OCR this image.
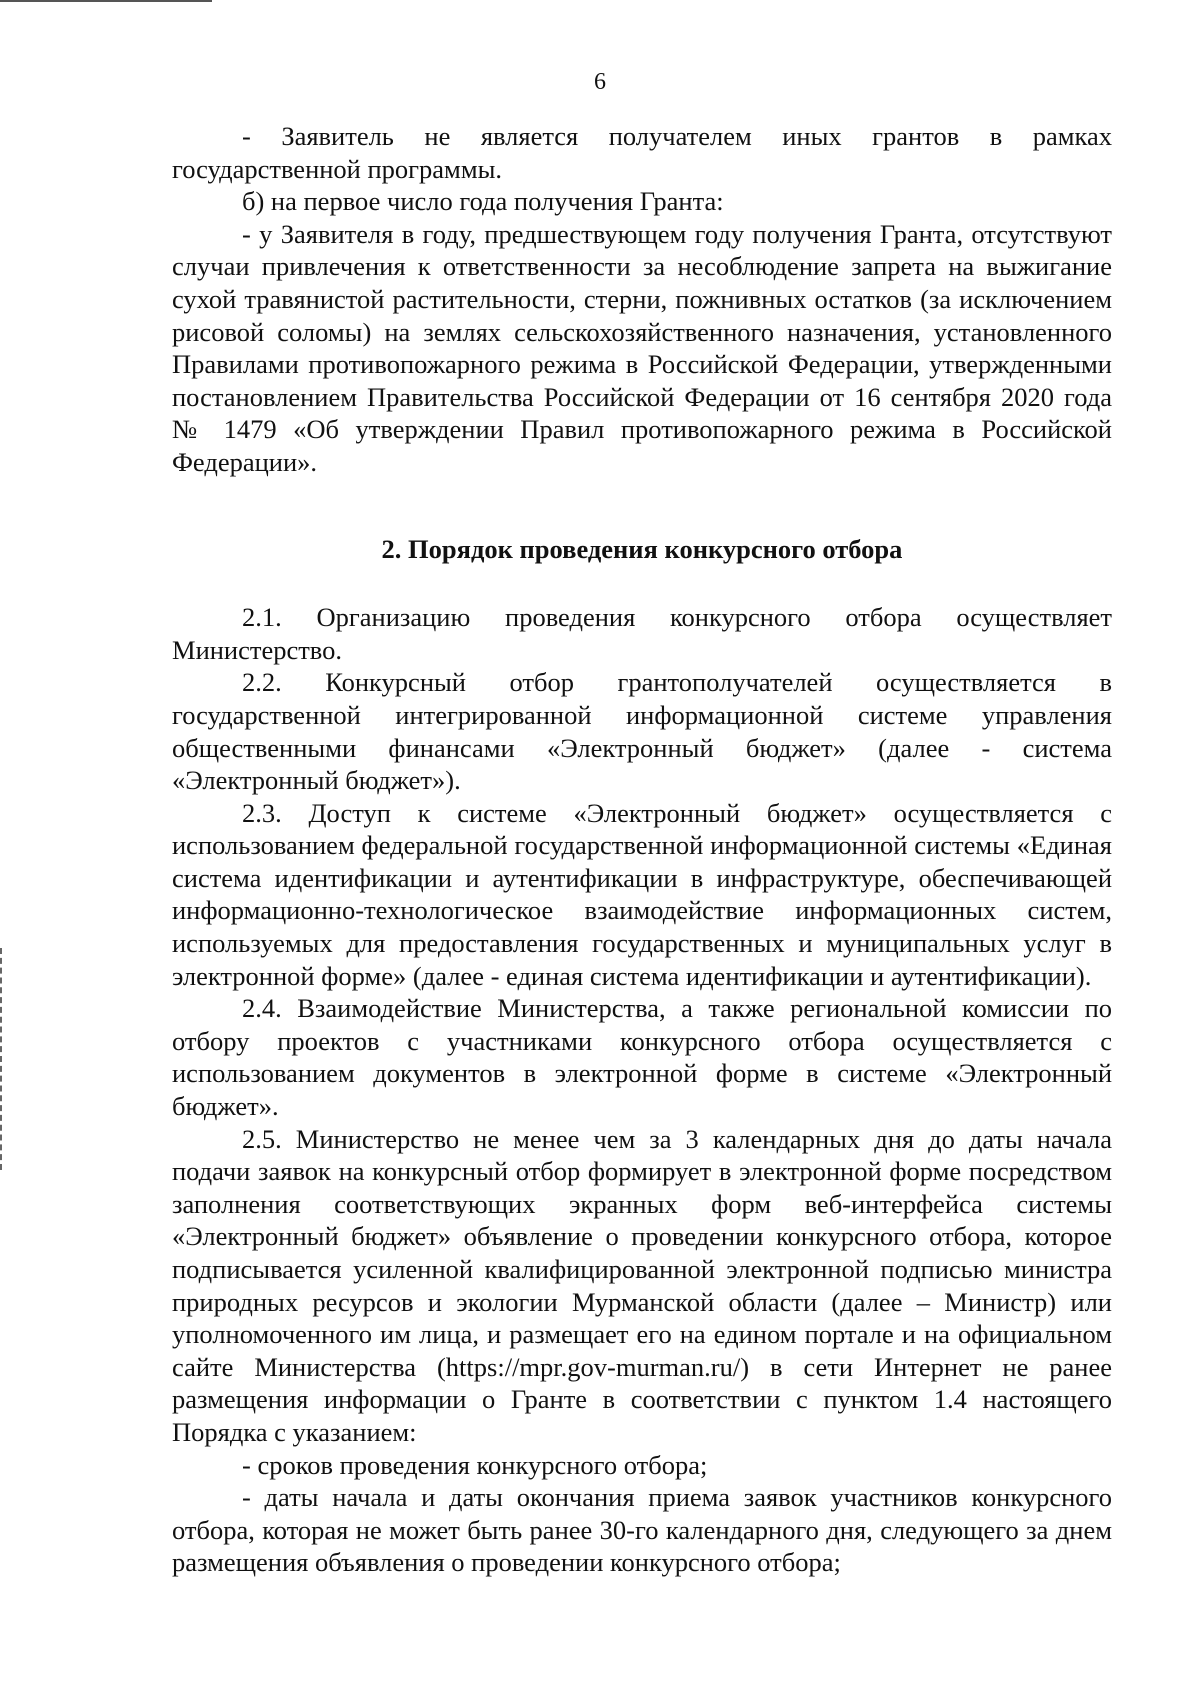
6

- Заявитель не является получателем иных грантов в рамках государственной программы.

б) на первое число года получения Гранта:

- у Заявителя в году, предшествующем году получения Гранта, отсутствуют случаи привлечения к ответственности за несоблюдение запрета на выжигание сухой травянистой растительности, стерни, пожнивных остатков (за исключением рисовой соломы) на землях сельскохозяйственного назначения, установленного Правилами противопожарного режима в Российской Федерации, утвержденными постановлением Правительства Российской Федерации от 16 сентября 2020 года № 1479 «Об утверждении Правил противопожарного режима в Российской Федерации».

2. Порядок проведения конкурсного отбора

2.1. Организацию проведения конкурсного отбора осуществляет Министерство.

2.2. Конкурсный отбор грантополучателей осуществляется в государственной интегрированной информационной системе управления общественными финансами «Электронный бюджет» (далее - система «Электронный бюджет»).

2.3. Доступ к системе «Электронный бюджет» осуществляется с использованием федеральной государственной информационной системы «Единая система идентификации и аутентификации в инфраструктуре, обеспечивающей информационно-технологическое взаимодействие информационных систем, используемых для предоставления государственных и муниципальных услуг в электронной форме» (далее - единая система идентификации и аутентификации).

2.4. Взаимодействие Министерства, а также региональной комиссии по отбору проектов с участниками конкурсного отбора осуществляется с использованием документов в электронной форме в системе «Электронный бюджет».

2.5. Министерство не менее чем за 3 календарных дня до даты начала подачи заявок на конкурсный отбор формирует в электронной форме посредством заполнения соответствующих экранных форм веб-интерфейса системы «Электронный бюджет» объявление о проведении конкурсного отбора, которое подписывается усиленной квалифицированной электронной подписью министра природных ресурсов и экологии Мурманской области (далее – Министр) или уполномоченного им лица, и размещает его на едином портале и на официальном сайте Министерства (https://mpr.gov-murman.ru/) в сети Интернет не ранее размещения информации о Гранте в соответствии с пунктом 1.4 настоящего Порядка с указанием:

- сроков проведения конкурсного отбора;

- даты начала и даты окончания приема заявок участников конкурсного отбора, которая не может быть ранее 30-го календарного дня, следующего за днем размещения объявления о проведении конкурсного отбора;
